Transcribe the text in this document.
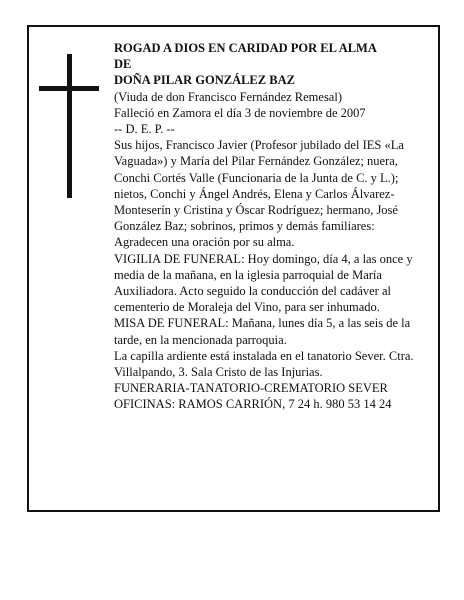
ROGAD A DIOS EN CARIDAD POR EL ALMA

DE

DOÑA PILAR GONZÁLEZ BAZ

(Viuda de don Francisco Fernández Remesal)

Falleció en Zamora el día 3 de noviembre de 2007

-- D. E. P. --

Sus hijos, Francisco Javier (Profesor jubilado del IES «La Vaguada») y María del Pilar Fernández González; nuera, Conchi Cortés Valle (Funcionaria de la Junta de C. y L.); nietos, Conchi y Ángel Andrés, Elena y Carlos Álvarez-Monteserín y Cristina y Óscar Rodríguez; hermano, José González Baz; sobrinos, primos y demás familiares:

Agradecen una oración por su alma.

VIGILIA DE FUNERAL: Hoy domingo, día 4, a las once y media de la mañana, en la iglesia parroquial de María Auxiliadora. Acto seguido la conducción del cadáver al cementerio de Moraleja del Vino, para ser inhumado.

MISA DE FUNERAL: Mañana, lunes día 5, a las seis de la tarde, en la mencionada parroquia.

La capilla ardiente está instalada en el tanatorio Sever. Ctra. Villalpando, 3. Sala Cristo de las Injurias.

FUNERARIA-TANATORIO-CREMATORIO SEVER

OFICINAS: RAMOS CARRIÓN, 7 24 h. 980 53 14 24
